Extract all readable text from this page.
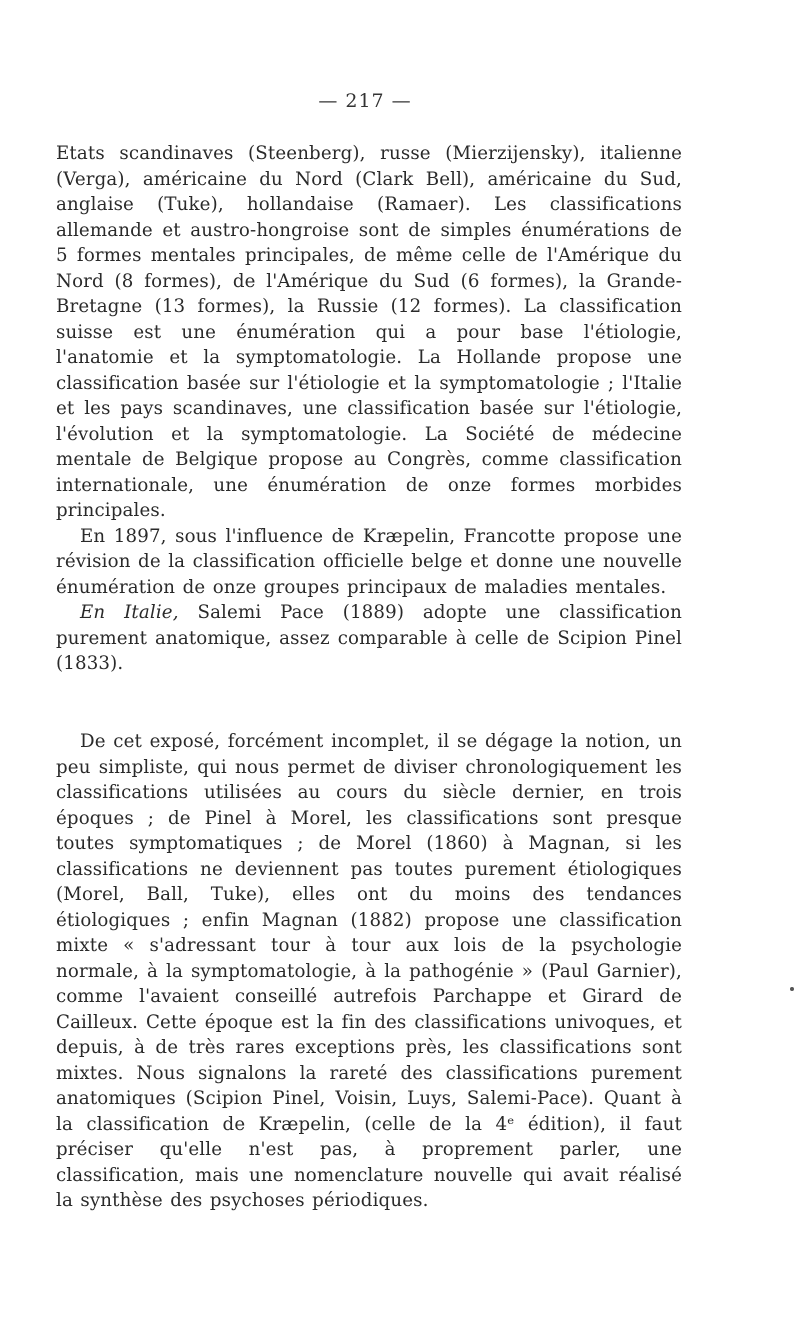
— 217 —

Etats scandinaves (Steenberg), russe (Mierzijensky), italienne (Verga), américaine du Nord (Clark Bell), américaine du Sud, anglaise (Tuke), hollandaise (Ramaer). Les classifications allemande et austro-hongroise sont de simples énumérations de 5 formes mentales principales, de même celle de l'Amérique du Nord (8 formes), de l'Amérique du Sud (6 formes), la Grande-Bretagne (13 formes), la Russie (12 formes). La classification suisse est une énumération qui a pour base l'étiologie, l'anatomie et la symptomatologie. La Hollande propose une classification basée sur l'étiologie et la symptomatologie ; l'Italie et les pays scandinaves, une classification basée sur l'étiologie, l'évolution et la symptomatologie. La Société de médecine mentale de Belgique propose au Congrès, comme classification internationale, une énumération de onze formes morbides principales.

En 1897, sous l'influence de Kræpelin, Francotte propose une révision de la classification officielle belge et donne une nouvelle énumération de onze groupes principaux de maladies mentales.

En Italie, Salemi Pace (1889) adopte une classification purement anatomique, assez comparable à celle de Scipion Pinel (1833).

De cet exposé, forcément incomplet, il se dégage la notion, un peu simpliste, qui nous permet de diviser chronologiquement les classifications utilisées au cours du siècle dernier, en trois époques ; de Pinel à Morel, les classifications sont presque toutes symptomatiques ; de Morel (1860) à Magnan, si les classifications ne deviennent pas toutes purement étiologiques (Morel, Ball, Tuke), elles ont du moins des tendances étiologiques ; enfin Magnan (1882) propose une classification mixte « s'adressant tour à tour aux lois de la psychologie normale, à la symptomatologie, à la pathogénie » (Paul Garnier), comme l'avaient conseillé autrefois Parchappe et Girard de Cailleux. Cette époque est la fin des classifications univoques, et depuis, à de très rares exceptions près, les classifications sont mixtes. Nous signalons la rareté des classifications purement anatomiques (Scipion Pinel, Voisin, Luys, Salemi-Pace). Quant à la classification de Kræpelin, (celle de la 4ᵉ édition), il faut préciser qu'elle n'est pas, à proprement parler, une classification, mais une nomenclature nouvelle qui avait réalisé la synthèse des psychoses périodiques.
